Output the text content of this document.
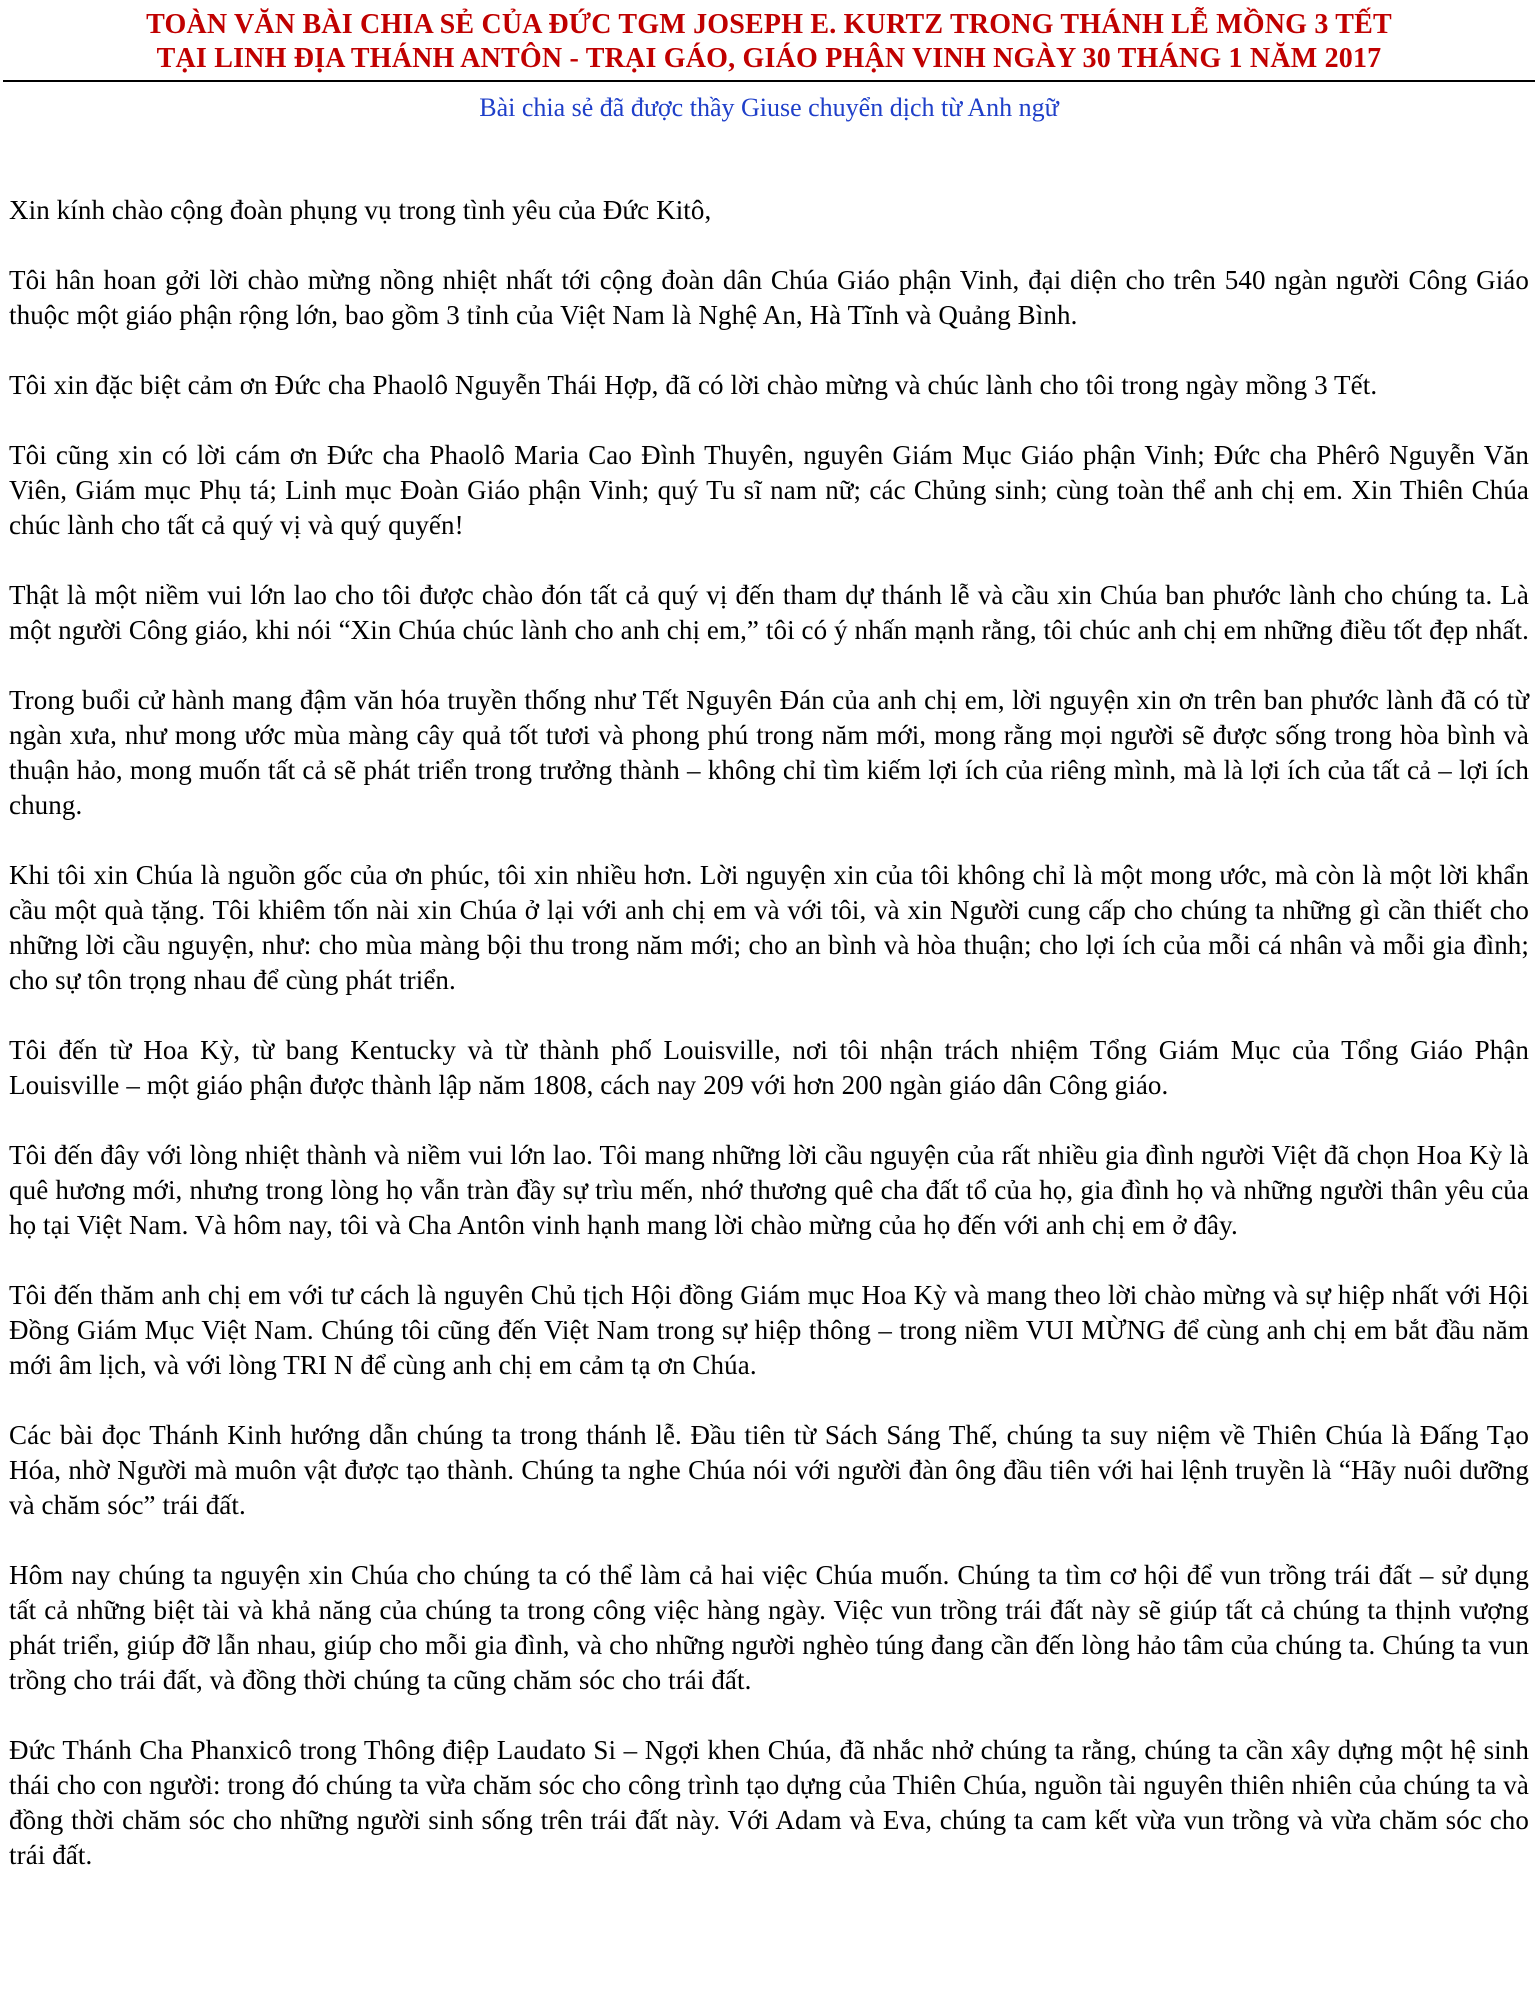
TOÀN VĂN BÀI CHIA SẺ CỦA ĐỨC TGM JOSEPH E. KURTZ TRONG THÁNH LỄ MỒNG 3 TẾT
TẠI LINH ĐỊA THÁNH ANTÔN - TRẠI GÁO, GIÁO PHẬN VINH NGÀY 30 THÁNG 1 NĂM 2017
Bài chia sẻ đã được thầy Giuse chuyển dịch từ Anh ngữ

Xin kính chào cộng đoàn phụng vụ trong tình yêu của Đức Kitô,

Tôi hân hoan gởi lời chào mừng nồng nhiệt nhất tới cộng đoàn dân Chúa Giáo phận Vinh, đại diện cho trên 540 ngàn người Công Giáo thuộc một giáo phận rộng lớn, bao gồm 3 tỉnh của Việt Nam là Nghệ An, Hà Tĩnh và Quảng Bình.

Tôi xin đặc biệt cảm ơn Đức cha Phaolô Nguyễn Thái Hợp, đã có lời chào mừng và chúc lành cho tôi trong ngày mồng 3 Tết.

Tôi cũng xin có lời cám ơn Đức cha Phaolô Maria Cao Đình Thuyên, nguyên Giám Mục Giáo phận Vinh; Đức cha Phêrô Nguyễn Văn Viên, Giám mục Phụ tá; Linh mục Đoàn Giáo phận Vinh; quý Tu sĩ nam nữ; các Chủng sinh; cùng toàn thể anh chị em. Xin Thiên Chúa chúc lành cho tất cả quý vị và quý quyến!

Thật là một niềm vui lớn lao cho tôi được chào đón tất cả quý vị đến tham dự thánh lễ và cầu xin Chúa ban phước lành cho chúng ta. Là một người Công giáo, khi nói “Xin Chúa chúc lành cho anh chị em,” tôi có ý nhấn mạnh rằng, tôi chúc anh chị em những điều tốt đẹp nhất.

Trong buổi cử hành mang đậm văn hóa truyền thống như Tết Nguyên Đán của anh chị em, lời nguyện xin ơn trên ban phước lành đã có từ ngàn xưa, như mong ước mùa màng cây quả tốt tươi và phong phú trong năm mới, mong rằng mọi người sẽ được sống trong hòa bình và thuận hảo, mong muốn tất cả sẽ phát triển trong trưởng thành – không chỉ tìm kiếm lợi ích của riêng mình, mà là lợi ích của tất cả – lợi ích chung.

Khi tôi xin Chúa là nguồn gốc của ơn phúc, tôi xin nhiều hơn. Lời nguyện xin của tôi không chỉ là một mong ước, mà còn là một lời khẩn cầu một quà tặng. Tôi khiêm tốn nài xin Chúa ở lại với anh chị em và với tôi, và xin Người cung cấp cho chúng ta những gì cần thiết cho những lời cầu nguyện, như: cho mùa màng bội thu trong năm mới; cho an bình và hòa thuận; cho lợi ích của mỗi cá nhân và mỗi gia đình; cho sự tôn trọng nhau để cùng phát triển.

Tôi đến từ Hoa Kỳ, từ bang Kentucky và từ thành phố Louisville, nơi tôi nhận trách nhiệm Tổng Giám Mục của Tổng Giáo Phận Louisville – một giáo phận được thành lập năm 1808, cách nay 209 với hơn 200 ngàn giáo dân Công giáo.

Tôi đến đây với lòng nhiệt thành và niềm vui lớn lao. Tôi mang những lời cầu nguyện của rất nhiều gia đình người Việt đã chọn Hoa Kỳ là quê hương mới, nhưng trong lòng họ vẫn tràn đầy sự trìu mến, nhớ thương quê cha đất tổ của họ, gia đình họ và những người thân yêu của họ tại Việt Nam. Và hôm nay, tôi và Cha Antôn vinh hạnh mang lời chào mừng của họ đến với anh chị em ở đây.

Tôi đến thăm anh chị em với tư cách là nguyên Chủ tịch Hội đồng Giám mục Hoa Kỳ và mang theo lời chào mừng và sự hiệp nhất với Hội Đồng Giám Mục Việt Nam. Chúng tôi cũng đến Việt Nam trong sự hiệp thông – trong niềm VUI MỪNG để cùng anh chị em bắt đầu năm mới âm lịch, và với lòng TRI N để cùng anh chị em cảm tạ ơn Chúa.

Các bài đọc Thánh Kinh hướng dẫn chúng ta trong thánh lễ. Đầu tiên từ Sách Sáng Thế, chúng ta suy niệm về Thiên Chúa là Đấng Tạo Hóa, nhờ Người mà muôn vật được tạo thành. Chúng ta nghe Chúa nói với người đàn ông đầu tiên với hai lệnh truyền là “Hãy nuôi dưỡng và chăm sóc” trái đất.

Hôm nay chúng ta nguyện xin Chúa cho chúng ta có thể làm cả hai việc Chúa muốn. Chúng ta tìm cơ hội để vun trồng trái đất – sử dụng tất cả những biệt tài và khả năng của chúng ta trong công việc hàng ngày. Việc vun trồng trái đất này sẽ giúp tất cả chúng ta thịnh vượng phát triển, giúp đỡ lẫn nhau, giúp cho mỗi gia đình, và cho những người nghèo túng đang cần đến lòng hảo tâm của chúng ta. Chúng ta vun trồng cho trái đất, và đồng thời chúng ta cũng chăm sóc cho trái đất.

Đức Thánh Cha Phanxicô trong Thông điệp Laudato Si – Ngợi khen Chúa, đã nhắc nhở chúng ta rằng, chúng ta cần xây dựng một hệ sinh thái cho con người: trong đó chúng ta vừa chăm sóc cho công trình tạo dựng của Thiên Chúa, nguồn tài nguyên thiên nhiên của chúng ta và đồng thời chăm sóc cho những người sinh sống trên trái đất này. Với Adam và Eva, chúng ta cam kết vừa vun trồng và vừa chăm sóc cho trái đất.
